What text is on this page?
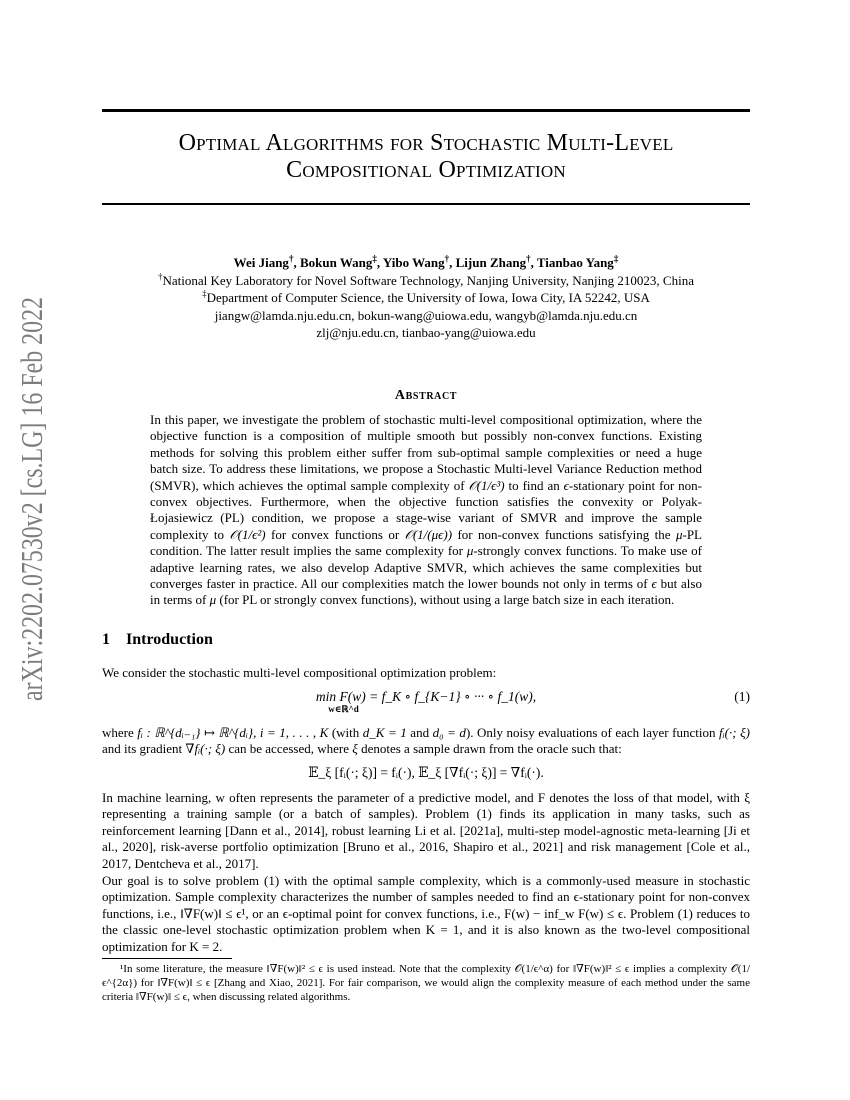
arXiv:2202.07530v2 [cs.LG] 16 Feb 2022
Optimal Algorithms for Stochastic Multi-Level
Compositional Optimization
Wei Jiang†, Bokun Wang‡, Yibo Wang†, Lijun Zhang†, Tianbao Yang‡
†National Key Laboratory for Novel Software Technology, Nanjing University, Nanjing 210023, China
‡Department of Computer Science, the University of Iowa, Iowa City, IA 52242, USA
jiangw@lamda.nju.edu.cn, bokun-wang@uiowa.edu, wangyb@lamda.nju.edu.cn
zlj@nju.edu.cn, tianbao-yang@uiowa.edu
Abstract
In this paper, we investigate the problem of stochastic multi-level compositional optimization, where the objective function is a composition of multiple smooth but possibly non-convex functions. Existing methods for solving this problem either suffer from sub-optimal sample complexities or need a huge batch size. To address these limitations, we propose a Stochastic Multi-level Variance Reduction method (SMVR), which achieves the optimal sample complexity of 𝒪(1/ϵ³) to find an ϵ-stationary point for non-convex objectives. Furthermore, when the objective function satisfies the convexity or Polyak-Łojasiewicz (PL) condition, we propose a stage-wise variant of SMVR and improve the sample complexity to 𝒪(1/ϵ²) for convex functions or 𝒪(1/(μϵ)) for non-convex functions satisfying the μ-PL condition. The latter result implies the same complexity for μ-strongly convex functions. To make use of adaptive learning rates, we also develop Adaptive SMVR, which achieves the same complexities but converges faster in practice. All our complexities match the lower bounds not only in terms of ϵ but also in terms of μ (for PL or strongly convex functions), without using a large batch size in each iteration.
1 Introduction
We consider the stochastic multi-level compositional optimization problem:
min F(w) = f_K ∘ f_{K−1} ∘ ··· ∘ f_1(w),
w∈ℝ^d
(1)
where fᵢ : ℝ^{dᵢ₋₁} ↦ ℝ^{dᵢ}, i = 1, . . . , K (with d_K = 1 and d₀ = d). Only noisy evaluations of each layer function fᵢ(·; ξ) and its gradient ∇fᵢ(·; ξ) can be accessed, where ξ denotes a sample drawn from the oracle such that:
𝔼_ξ [fᵢ(·; ξ)] = fᵢ(·), 𝔼_ξ [∇fᵢ(·; ξ)] = ∇fᵢ(·).
In machine learning, w often represents the parameter of a predictive model, and F denotes the loss of that model, with ξ representing a training sample (or a batch of samples). Problem (1) finds its application in many tasks, such as reinforcement learning [Dann et al., 2014], robust learning Li et al. [2021a], multi-step model-agnostic meta-learning [Ji et al., 2020], risk-averse portfolio optimization [Bruno et al., 2016, Shapiro et al., 2021] and risk management [Cole et al., 2017, Dentcheva et al., 2017].
Our goal is to solve problem (1) with the optimal sample complexity, which is a commonly-used measure in stochastic optimization. Sample complexity characterizes the number of samples needed to find an ϵ-stationary point for non-convex functions, i.e., ‖∇F(w)‖ ≤ ϵ¹, or an ϵ-optimal point for convex functions, i.e., F(w) − inf_w F(w) ≤ ϵ. Problem (1) reduces to the classic one-level stochastic optimization problem when K = 1, and it is also known as the two-level compositional optimization for K = 2.
¹In some literature, the measure ‖∇F(w)‖² ≤ ϵ is used instead. Note that the complexity 𝒪(1/ϵ^α) for ‖∇F(w)‖² ≤ ϵ implies a complexity 𝒪(1/ϵ^{2α}) for ‖∇F(w)‖ ≤ ϵ [Zhang and Xiao, 2021]. For fair comparison, we would align the complexity measure of each method under the same criteria ‖∇F(w)‖ ≤ ϵ, when discussing related algorithms.
